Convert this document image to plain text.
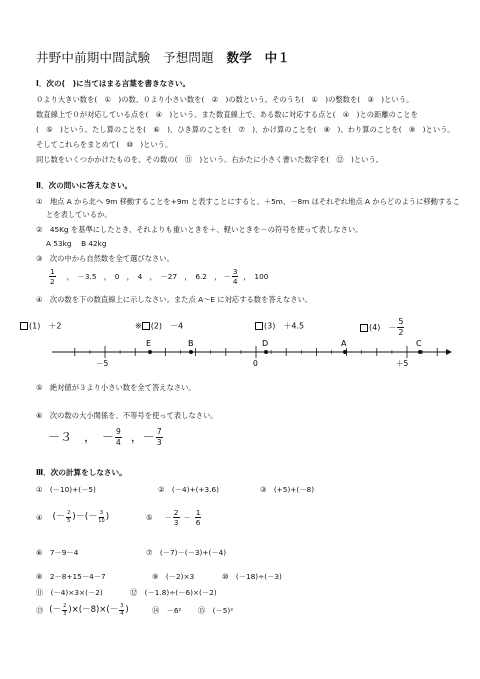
井野中前期中間試験　予想問題　数学　中１
Ⅰ．次の(　)に当てはまる言葉を書きなさい。
０より大きい数を(　①　)の数、０より小さい数を(　②　)の数という。そのうち(　①　)の整数を(　③　)という。
数直線上で０が対応している点を(　④　)という。また数直線上で、ある数に対応する点と(　④　)との距離のことを
(　⑤　)という。たし算のことを(　⑥　)、ひき算のことを(　⑦　)、かけ算のことを(　⑧　)、わり算のことを(　⑨　)という。
そしてこれらをまとめて(　⑩　)という。
同じ数をいくつかかけたものを、その数の(　⑪　)という。右かたに小さく書いた数字を(　⑫　)という。
Ⅱ．次の問いに答えなさい。
①　地点 A から北へ 9m 移動することを+9m と表すことにすると、＋5m、－8m はそれぞれ地点 A からどのように移動するこ
とを表しているか。
②　45Kg を基準にしたとき、それよりも重いときを＋、軽いときを－の符号を使って表しなさい。
A 53kg　 B 42kg
③　次の中から自然数を全て選びなさい。
$\frac{1}{2}$ ，　－3.5　，　0　，　4　，　－27　，　6.2　， － $\frac{3}{4}$ ，　100
④　次の数を下の数直線上に示しなさい。また点 A～E に対応する数を答えなさい。
(1)　＋2	※ (2)　－4	(3)　＋4.5	(4)　－ $\frac{5}{2}$
E	B	D	A	C
－5	0	＋5
⑤　絶対値が３より小さい数を全て答えなさい。
⑥　次の数の大小関係を、不等号を使って表しなさい。
－３　，　－ $\frac{9}{4}$ ，－ $\frac{7}{3}$
Ⅲ．次の計算をしなさい。
①　(－10)+(－5)	②　(－4)+(+3.6)	③　(+5)+(－8)
④ (－ $\frac{2}{5}$ )－(－ $\frac{3}{10}$ )	⑤ － $\frac{2}{3} - \frac{1}{6}$
⑥　7－9－4	⑦　(－7)－(－3)+(－4)
⑧　2－8+15－4－7	⑨　(－2)×3	⑩　(－18)÷(－3)
⑪　(－4)×3×(－2)	⑫　(－1.8)÷(－6)×(－2)
⑬ (－ $\frac{2}{3} )\times(-8)\times(- \frac{3}{4}$ )	⑭　－6² ⑮　(－5)²
